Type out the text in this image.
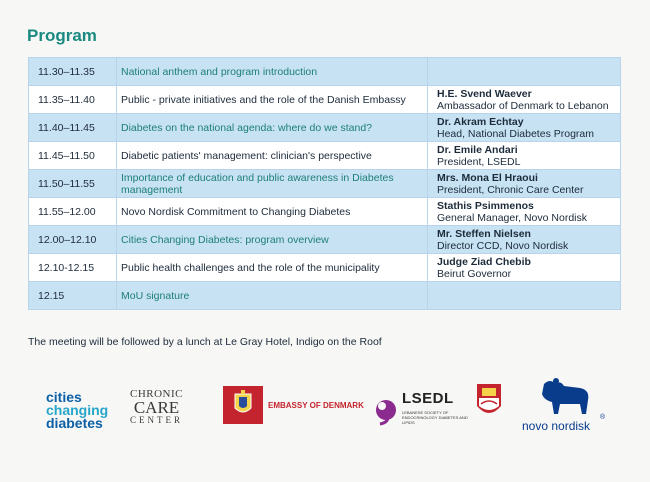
Program
11.30–11.35	National anthem and program introduction	

11.35–11.40	Public - private initiatives and the role of the Danish Embassy	H.E. Svend Waever
Ambassador of Denmark to Lebanon

11.40–11.45	Diabetes on the national agenda: where do we stand?	Dr. Akram Echtay
Head, National Diabetes Program

11.45–11.50	Diabetic patients' management: clinician's perspective	Dr. Emile Andari
President, LSEDL

11.50–11.55	Importance of education and public awareness in Diabetes management	Mrs. Mona El Hraoui
President, Chronic Care Center

11.55–12.00	Novo Nordisk Commitment to Changing Diabetes	Stathis Psimmenos
General Manager, Novo Nordisk

12.00–12.10	Cities Changing Diabetes: program overview	Mr. Steffen Nielsen
Director CCD, Novo Nordisk

12.10-12.15	Public health challenges and the role of the municipality	Judge Ziad Chebib
Beirut Governor

12.15	MoU signature	
The meeting will be followed by a lunch at Le Gray Hotel, Indigo on the Roof
cities
changing
diabetes
CHRONIC
CARE
CENTER
EMBASSY OF DENMARK	LSEDL
LEBANESE SOCIETY OF ENDOCRINOLOGY DIABETES AND LIPIDS	novo nordisk
®
